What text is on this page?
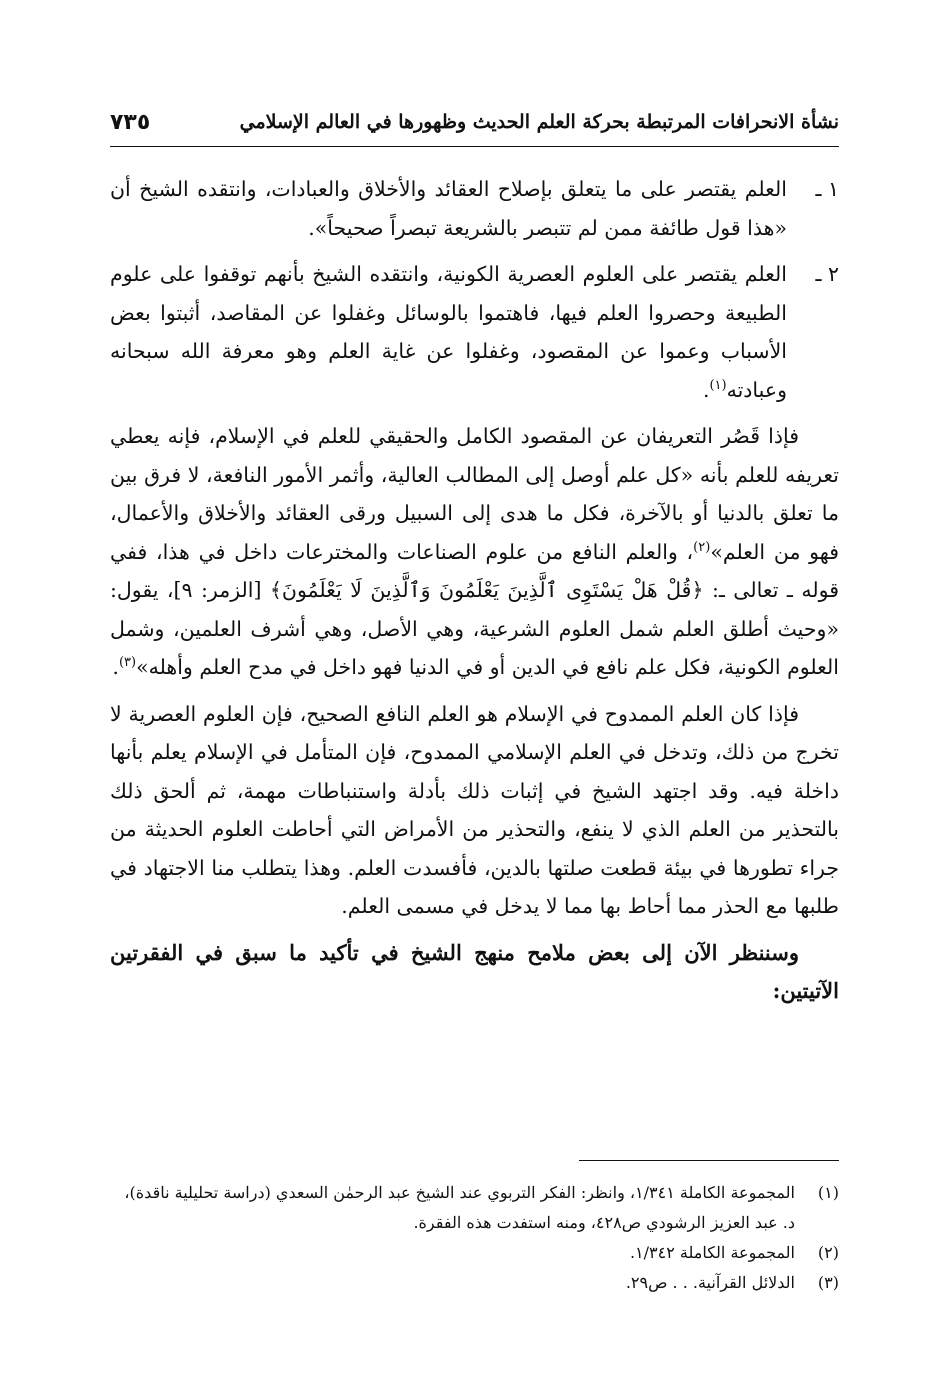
نشأة الانحرافات المرتبطة بحركة العلم الحديث وظهورها في العالم الإسلامي
٧٣٥
١ ـ
العلم يقتصر على ما يتعلق بإصلاح العقائد والأخلاق والعبادات، وانتقده الشيخ أن «هذا قول طائفة ممن لم تتبصر بالشريعة تبصراً صحيحاً».
٢ ـ
العلم يقتصر على العلوم العصرية الكونية، وانتقده الشيخ بأنهم توقفوا على علوم الطبيعة وحصروا العلم فيها، فاهتموا بالوسائل وغفلوا عن المقاصد، أثبتوا بعض الأسباب وعموا عن المقصود، وغفلوا عن غاية العلم وهو معرفة الله سبحانه وعبادته$^{(١)}$.

فإذا قَصُر التعريفان عن المقصود الكامل والحقيقي للعلم في الإسلام، فإنه يعطي تعريفه للعلم بأنه «كل علم أوصل إلى المطالب العالية، وأثمر الأمور النافعة، لا فرق بين ما تعلق بالدنيا أو بالآخرة، فكل ما هدى إلى السبيل ورقى العقائد والأخلاق والأعمال، فهو من العلم»$^{(٢)}$، والعلم النافع من علوم الصناعات والمخترعات داخل في هذا، ففي قوله ـ تعالى ـ: ﴿قُلْ هَلْ يَسْتَوِى ٱلَّذِينَ يَعْلَمُونَ وَٱلَّذِينَ لَا يَعْلَمُونَ﴾ [الزمر: ٩]، يقول: «وحيث أطلق العلم شمل العلوم الشرعية، وهي الأصل، وهي أشرف العلمين، وشمل العلوم الكونية، فكل علم نافع في الدين أو في الدنيا فهو داخل في مدح العلم وأهله»$^{(٣)}$.

فإذا كان العلم الممدوح في الإسلام هو العلم النافع الصحيح، فإن العلوم العصرية لا تخرج من ذلك، وتدخل في العلم الإسلامي الممدوح، فإن المتأمل في الإسلام يعلم بأنها داخلة فيه. وقد اجتهد الشيخ في إثبات ذلك بأدلة واستنباطات مهمة، ثم ألحق ذلك بالتحذير من العلم الذي لا ينفع، والتحذير من الأمراض التي أحاطت العلوم الحديثة من جراء تطورها في بيئة قطعت صلتها بالدين، فأفسدت العلم. وهذا يتطلب منا الاجتهاد في طلبها مع الحذر مما أحاط بها مما لا يدخل في مسمى العلم.

وسننظر الآن إلى بعض ملامح منهج الشيخ في تأكيد ما سبق في الفقرتين الآتيتين:

(١)
المجموعة الكاملة ١/٣٤١، وانظر: الفكر التربوي عند الشيخ عبد الرحمٰن السعدي (دراسة تحليلية ناقدة)، د. عبد العزيز الرشودي ص٤٢٨، ومنه استفدت هذه الفقرة.
(٢)
المجموعة الكاملة ١/٣٤٢.
(٣)
الدلائل القرآنية. . . ص٢٩.
